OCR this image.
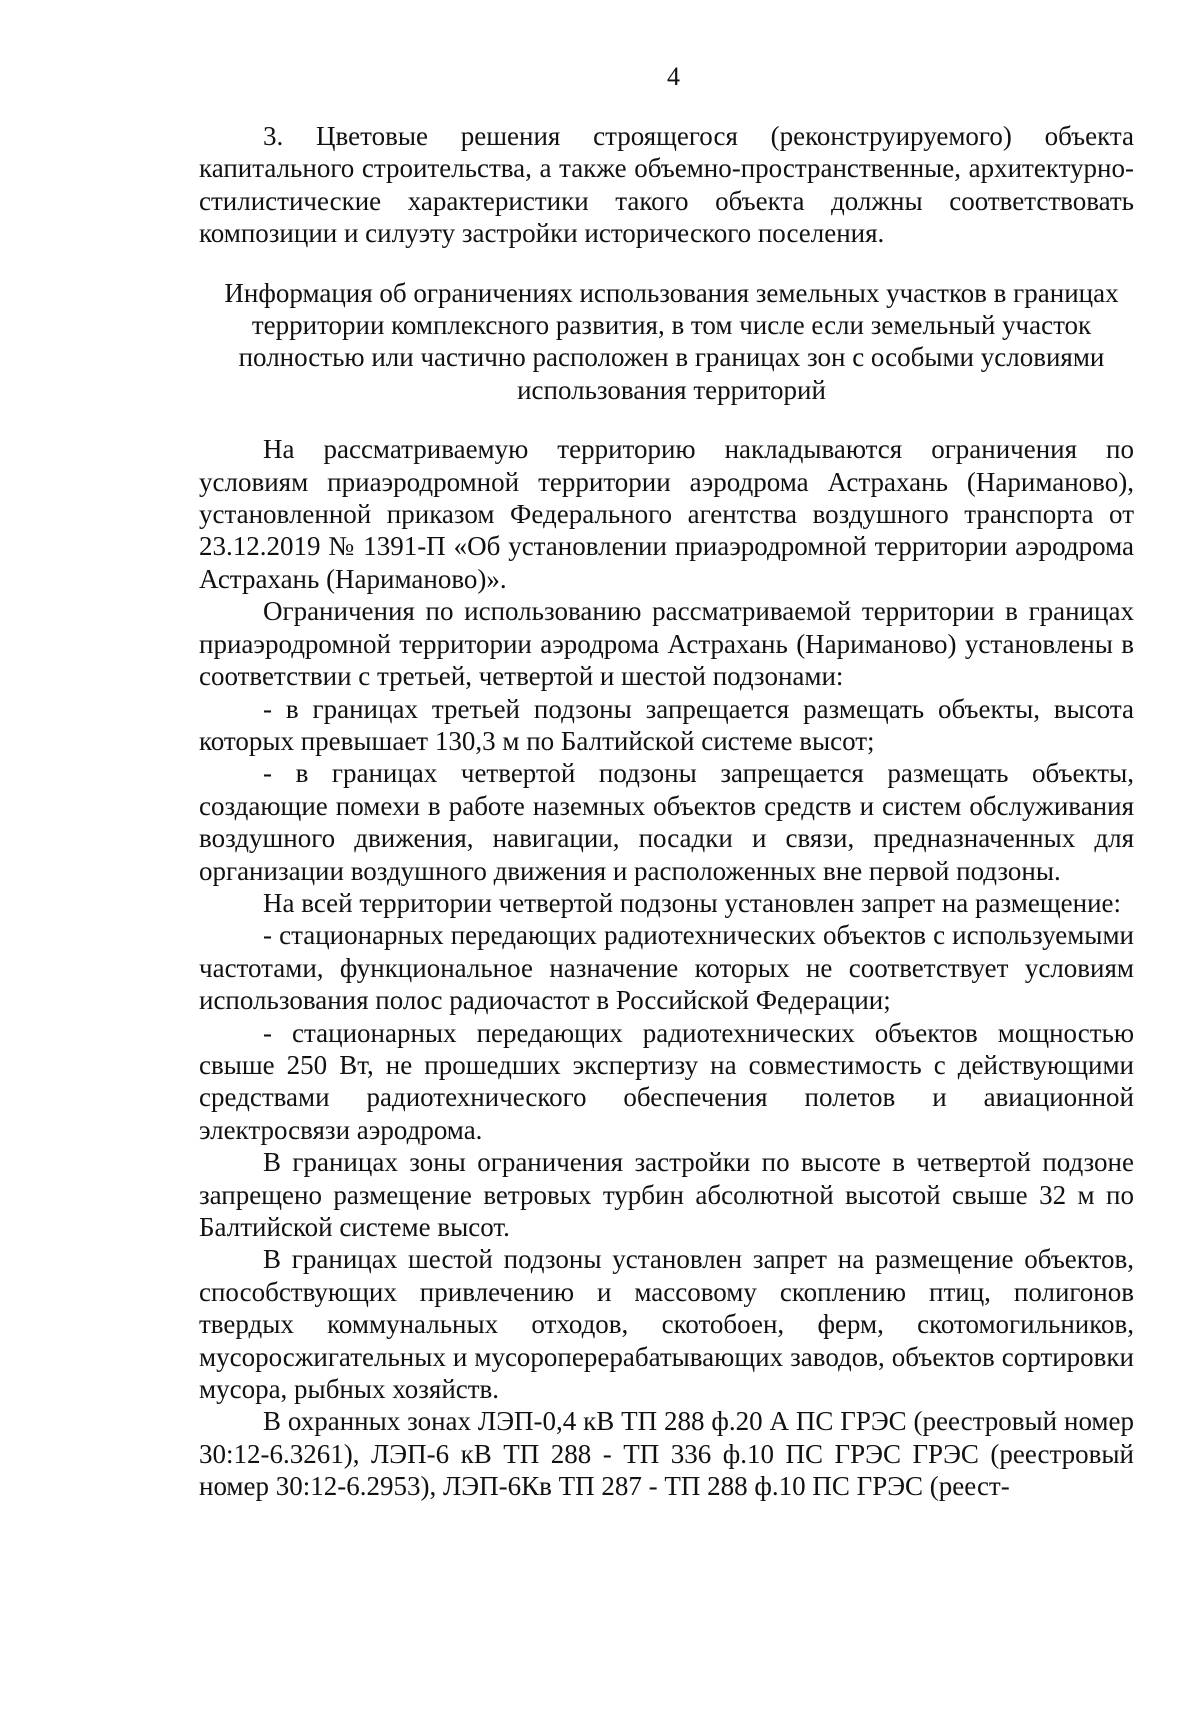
4

3. Цветовые решения строящегося (реконструируемого) объекта капитального строительства, а также объемно-пространственные, архитектурно-стилистические характеристики такого объекта должны соответствовать композиции и силуэту застройки исторического поселения.

Информация об ограничениях использования земельных участков в границах территории комплексного развития, в том числе если земельный участок полностью или частично расположен в границах зон с особыми условиями использования территорий

На рассматриваемую территорию накладываются ограничения по условиям приаэродромной территории аэродрома Астрахань (Нариманово), установленной приказом Федерального агентства воздушного транспорта от 23.12.2019 № 1391-П «Об установлении приаэродромной территории аэродрома Астрахань (Нариманово)».

Ограничения по использованию рассматриваемой территории в границах приаэродромной территории аэродрома Астрахань (Нариманово) установлены в соответствии с третьей, четвертой и шестой подзонами:

- в границах третьей подзоны запрещается размещать объекты, высота которых превышает 130,3 м по Балтийской системе высот;

- в границах четвертой подзоны запрещается размещать объекты, создающие помехи в работе наземных объектов средств и систем обслуживания воздушного движения, навигации, посадки и связи, предназначенных для организации воздушного движения и расположенных вне первой подзоны.

На всей территории четвертой подзоны установлен запрет на размещение:

- стационарных передающих радиотехнических объектов с используемыми частотами, функциональное назначение которых не соответствует условиям использования полос радиочастот в Российской Федерации;

- стационарных передающих радиотехнических объектов мощностью свыше 250 Вт, не прошедших экспертизу на совместимость с действующими средствами радиотехнического обеспечения полетов и авиационной электросвязи аэродрома.

В границах зоны ограничения застройки по высоте в четвертой подзоне запрещено размещение ветровых турбин абсолютной высотой свыше 32 м по Балтийской системе высот.

В границах шестой подзоны установлен запрет на размещение объектов, способствующих привлечению и массовому скоплению птиц, полигонов твердых коммунальных отходов, скотобоен, ферм, скотомогильников, мусоросжигательных и мусороперерабатывающих заводов, объектов сортировки мусора, рыбных хозяйств.

В охранных зонах ЛЭП-0,4 кВ ТП 288 ф.20 А ПС ГРЭС (реестровый номер 30:12-6.3261), ЛЭП-6 кВ ТП 288 - ТП 336 ф.10 ПС ГРЭС ГРЭС (реестровый номер 30:12-6.2953), ЛЭП-6Кв ТП 287 - ТП 288 ф.10 ПС ГРЭС (реест-
